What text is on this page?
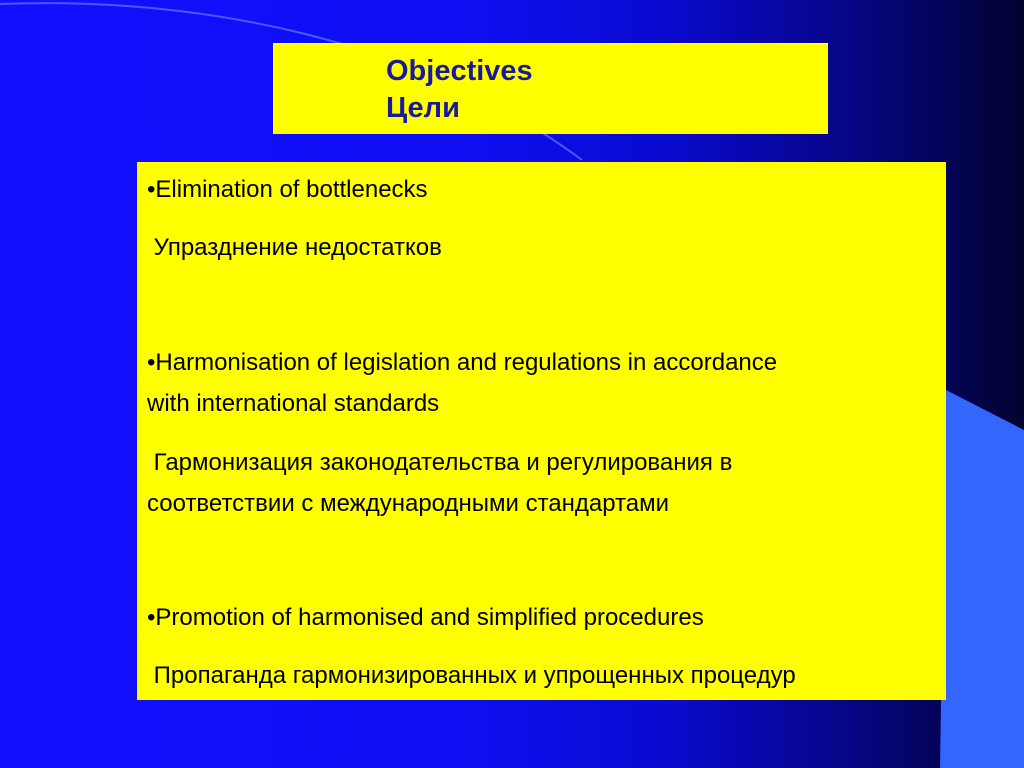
Objectives
Цели
•Elimination of bottlenecks
Упразднение недостатков
•Harmonisation of legislation and regulations in accordance
with international standards
Гармонизация законодательства и регулирования в
соответствии с международными стандартами
•Promotion of harmonised and simplified procedures
Пропаганда гармонизированных и упрощенных процедур
